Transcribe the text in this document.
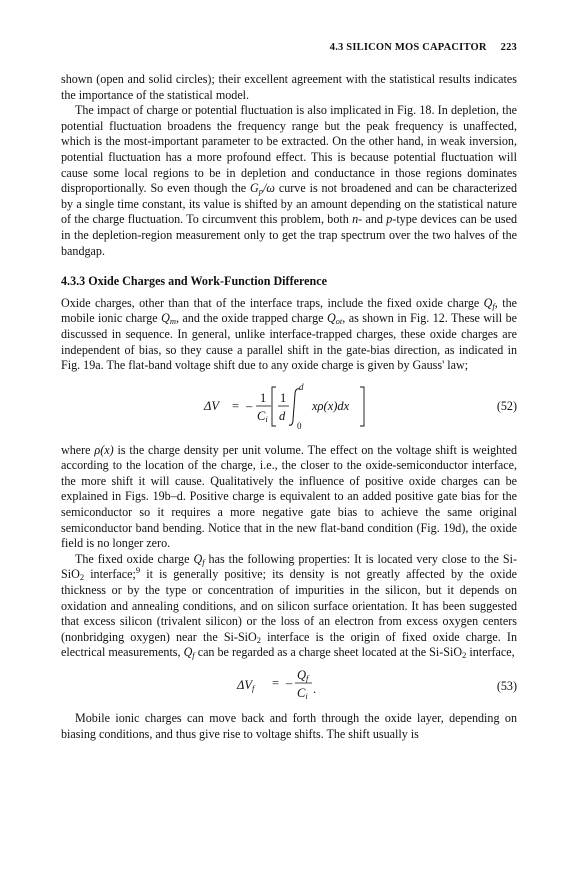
4.3 SILICON MOS CAPACITOR 223

shown (open and solid circles); their excellent agreement with the statistical results indicates the importance of the statistical model.

The impact of charge or potential fluctuation is also implicated in Fig. 18. In depletion, the potential fluctuation broadens the frequency range but the peak frequency is unaffected, which is the most-important parameter to be extracted. On the other hand, in weak inversion, potential fluctuation has a more profound effect. This is because potential fluctuation will cause some local regions to be in depletion and conductance in those regions dominates disproportionally. So even though the $G_p/\omega$ curve is not broadened and can be characterized by a single time constant, its value is shifted by an amount depending on the statistical nature of the charge fluctuation. To circumvent this problem, both n- and p-type devices can be used in the depletion-region measurement only to get the trap spectrum over the two halves of the bandgap.

4.3.3 Oxide Charges and Work-Function Difference

Oxide charges, other than that of the interface traps, include the fixed oxide charge $Q_f$, the mobile ionic charge $Q_m$, and the oxide trapped charge $Q_{ot}$, as shown in Fig. 12. These will be discussed in sequence. In general, unlike interface-trapped charges, these oxide charges are independent of bias, so they cause a parallel shift in the gate-bias direction, as indicated in Fig. 19a. The flat-band voltage shift due to any oxide charge is given by Gauss' law;

ΔV = –
1
Ci
1
d
d
0
xρ(x)dx	(52)

where ρ(x) is the charge density per unit volume. The effect on the voltage shift is weighted according to the location of the charge, i.e., the closer to the oxide-semiconductor interface, the more shift it will cause. Qualitatively the influence of positive oxide charges can be explained in Figs. 19b–d. Positive charge is equivalent to an added positive gate bias for the semiconductor so it requires a more negative gate bias to achieve the same original semiconductor band bending. Notice that in the new flat-band condition (Fig. 19d), the oxide field is no longer zero.

The fixed oxide charge $Q_f$ has the following properties: It is located very close to the Si-SiO$_2$ interface;$^9$ it is generally positive; its density is not greatly affected by the oxide thickness or by the type or concentration of impurities in the silicon, but it depends on oxidation and annealing conditions, and on silicon surface orientation. It has been suggested that excess silicon (trivalent silicon) or the loss of an electron from excess oxygen centers (nonbridging oxygen) near the Si-SiO$_2$ interface is the origin of fixed oxide charge. In electrical measurements, $Q_f$ can be regarded as a charge sheet located at the Si-SiO$_2$ interface,

ΔVf = –
Qf
Ci .	(53)

Mobile ionic charges can move back and forth through the oxide layer, depending on biasing conditions, and thus give rise to voltage shifts. The shift usually is
